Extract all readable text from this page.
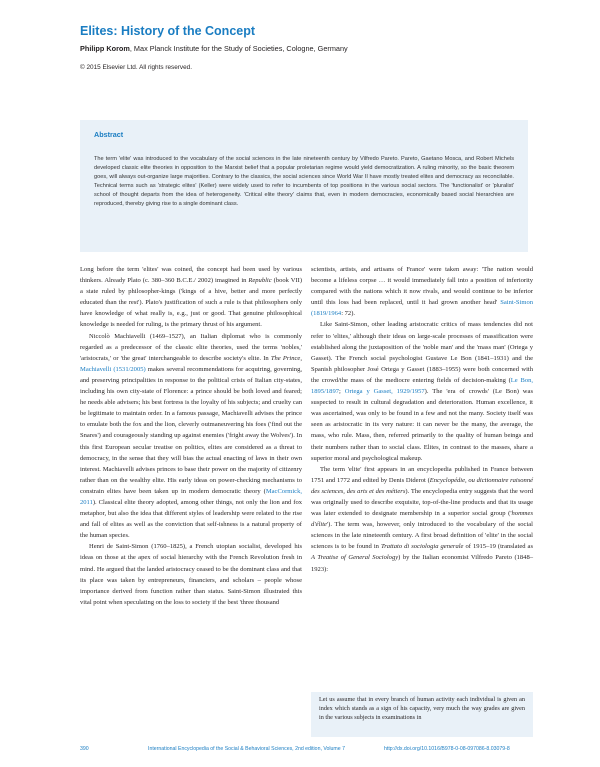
Elites: History of the Concept

Philipp Korom, Max Planck Institute for the Study of Societies, Cologne, Germany

© 2015 Elsevier Ltd. All rights reserved.

Abstract

The term 'elite' was introduced to the vocabulary of the social sciences in the late nineteenth century by Vilfredo Pareto. Pareto, Gaetano Mosca, and Robert Michels developed classic elite theories in opposition to the Marxist belief that a popular proletarian regime would yield democratization. A ruling minority, so the basic theorem goes, will always out-organize large majorities. Contrary to the classics, the social sciences since World War II have mostly treated elites and democracy as reconcilable. Technical terms such as 'strategic elites' (Keller) were widely used to refer to incumbents of top positions in the various social sectors. The 'functionalist' or 'pluralist' school of thought departs from the idea of heterogeneity. 'Critical elite theory' claims that, even in modern democracies, economically based social hierarchies are reproduced, thereby giving rise to a single dominant class.

Long before the term 'elites' was coined, the concept had been used by various thinkers. Already Plato (c. 380–360 B.C.E./ 2002) imagined in Republic (book VII) a state ruled by philosopher-kings ('kings of a hive, better and more perfectly educated than the rest'). Plato's justification of such a rule is that philosophers only have knowledge of what really is, e.g., just or good. That genuine philosophical knowledge is needed for ruling, is the primary thrust of his argument.

Niccolò Machiavelli (1469–1527), an Italian diplomat who is commonly regarded as a predecessor of the classic elite theories, used the terms 'nobles,' 'aristocrats,' or 'the great' interchangeable to describe society's elite. In The Prince, Machiavelli (1531/2005) makes several recommendations for acquiring, governing, and preserving principalities in response to the political crisis of Italian city-states, including his own city-state of Florence: a prince should be both loved and feared; he needs able advisers; his best fortress is the loyalty of his subjects; and cruelty can be legitimate to maintain order. In a famous passage, Machiavelli advises the prince to emulate both the fox and the lion, cleverly outmaneuvering his foes ('find out the Snares') and courageously standing up against enemies ('fright away the Wolves'). In this first European secular treatise on politics, elites are considered as a threat to democracy, in the sense that they will bias the actual enacting of laws in their own interest. Machiavelli advises princes to base their power on the majority of citizenry rather than on the wealthy elite. His early ideas on power-checking mechanisms to constrain elites have been taken up in modern democratic theory (MacCormick, 2011). Classical elite theory adopted, among other things, not only the lion and fox metaphor, but also the idea that different styles of leadership were related to the rise and fall of elites as well as the conviction that self-ishness is a natural property of the human species.

Henri de Saint-Simon (1760–1825), a French utopian socialist, developed his ideas on those at the apex of social hierarchy with the French Revolution fresh in mind. He argued that the landed aristocracy ceased to be the dominant class and that its place was taken by entrepreneurs, financiers, and scholars – people whose importance derived from function rather than status. Saint-Simon illustrated this vital point when speculating on the loss to society if the best 'three thousand

scientists, artists, and artisans of France' were taken away: 'The nation would become a lifeless corpse … it would immediately fall into a position of inferiority compared with the nations which it now rivals, and would continue to be inferior until this loss had been replaced, until it had grown another head' Saint-Simon (1819/1964: 72).

Like Saint-Simon, other leading aristocratic critics of mass tendencies did not refer to 'elites,' although their ideas on large-scale processes of massification were established along the juxtaposition of the 'noble man' and the 'mass man' (Ortega y Gasset). The French social psychologist Gustave Le Bon (1841–1931) and the Spanish philosopher José Ortega y Gasset (1883–1955) were both concerned with the crowd/the mass of the mediocre entering fields of decision-making (Le Bon, 1895/1897; Ortega y Gasset, 1929/1957). The 'era of crowds' (Le Bon) was suspected to result in cultural degradation and deterioration. Human excellence, it was ascertained, was only to be found in a few and not the many. Society itself was seen as aristocratic in its very nature: it can never be the many, the average, the mass, who rule. Mass, then, referred primarily to the quality of human beings and their numbers rather than to social class. Elites, in contrast to the masses, share a superior moral and psychological makeup.

The term 'elite' first appears in an encyclopedia published in France between 1751 and 1772 and edited by Denis Diderot (Encyclopédie, ou dictionnaire raisonné des sciences, des arts et des métiers). The encyclopedia entry suggests that the word was originally used to describe exquisite, top-of-the-line products and that its usage was later extended to designate membership in a superior social group ('hommes d'élite'). The term was, however, only introduced to the vocabulary of the social sciences in the late nineteenth century. A first broad definition of 'elite' in the social sciences is to be found in Trattato di sociologia generale of 1915–19 (translated as A Treatise of General Sociology) by the Italian economist Vilfredo Pareto (1848–1923):

Let us assume that in every branch of human activity each individual is given an index which stands as a sign of his capacity, very much the way grades are given in the various subjects in examinations in

390	International Encyclopedia of the Social & Behavioral Sciences, 2nd edition, Volume 7	http://dx.doi.org/10.1016/B978-0-08-097086-8.03079-8
